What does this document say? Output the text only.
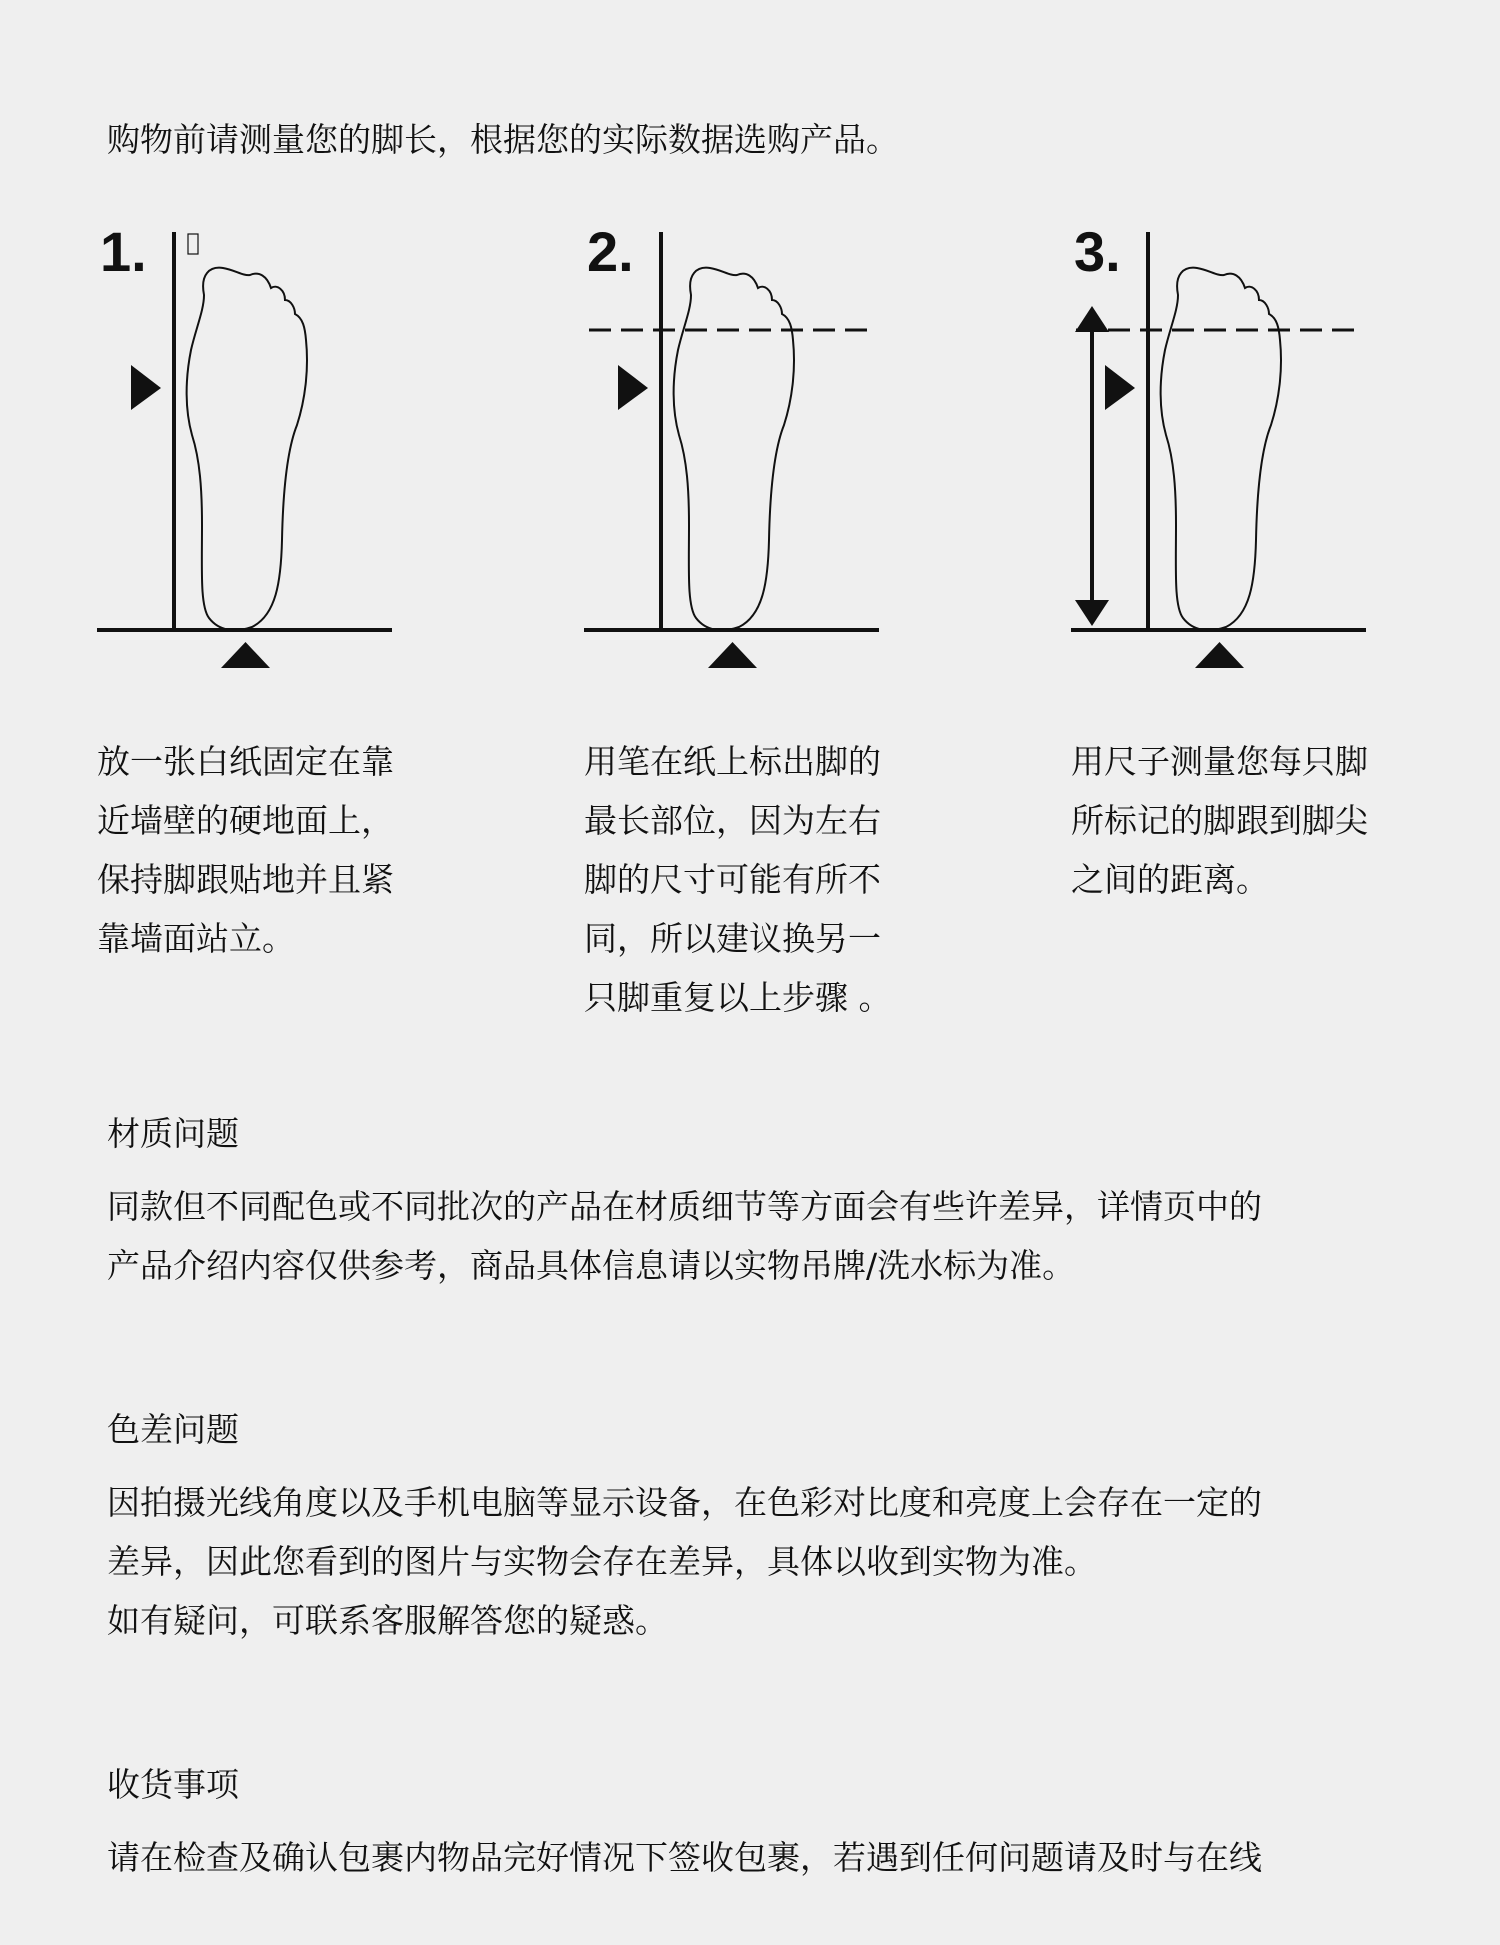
购物前请测量您的脚长，根据您的实际数据选购产品。
1.

放一张白纸固定在靠
近墙壁的硬地面上，
保持脚跟贴地并且紧
靠墙面站立。

2.

用笔在纸上标出脚的
最长部位，因为左右
脚的尺寸可能有所不
同，所以建议换另一
只脚重复以上步骤 。

3.

用尺子测量您每只脚
所标记的脚跟到脚尖
之间的距离。

材质问题

同款但不同配色或不同批次的产品在材质细节等方面会有些许差异，详情页中的
产品介绍内容仅供参考，商品具体信息请以实物吊牌/洗水标为准。

色差问题

因拍摄光线角度以及手机电脑等显示设备，在色彩对比度和亮度上会存在一定的
差异，因此您看到的图片与实物会存在差异，具体以收到实物为准。
如有疑问，可联系客服解答您的疑惑。

收货事项

请在检查及确认包裹内物品完好情况下签收包裹，若遇到任何问题请及时与在线
